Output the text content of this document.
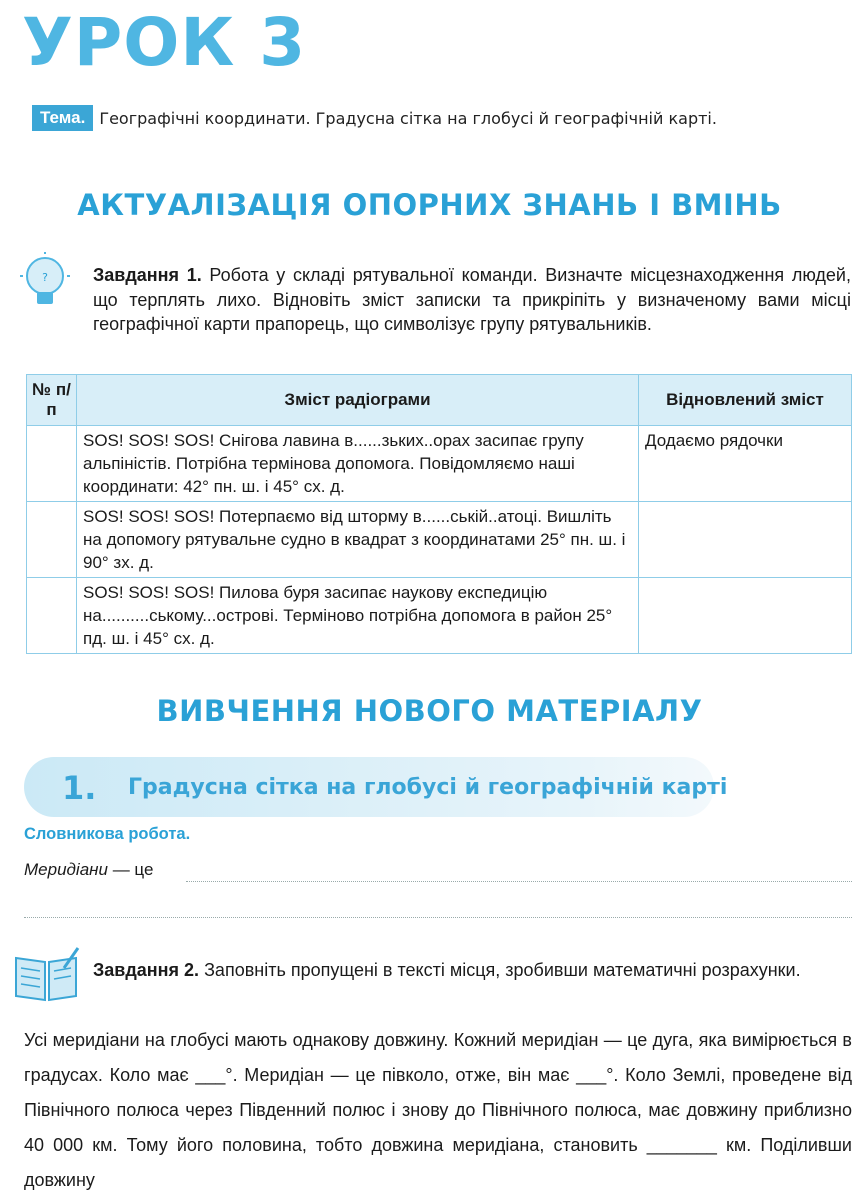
УРОК 3
Тема. Географічні координати. Градусна сітка на глобусі й географічній карті.
АКТУАЛІЗАЦІЯ ОПОРНИХ ЗНАНЬ І ВМІНЬ
?	Завдання 1. Робота у складі рятувальної команди. Визначте місцезнаходження людей, що терплять лихо. Відновіть зміст записки та прикріпіть у визначеному вами місці географічної карти прапорець, що символізує групу рятувальників.
№ п/п	Зміст радіограми	Відновлений зміст
	SOS! SOS! SOS! Снігова лавина в......зьких..орах засипає групу альпіністів. Потрібна термінова допомога. Повідомляємо наші координати: 42° пн. ш. і 45° сх. д.	Додаємо рядочки
	SOS! SOS! SOS! Потерпаємо від шторму в......ській..атоці. Вишліть на допомогу рятувальне судно в квадрат з координатами 25° пн. ш. і 90° зх. д.	
	SOS! SOS! SOS! Пилова буря засипає наукову експедицію на..........ському...острові. Терміново потрібна допомога в район 25° пд. ш. і 45° сх. д.	
ВИВЧЕННЯ НОВОГО МАТЕРІАЛУ
1. Градусна сітка на глобусі й географічній карті
Словникова робота.
Меридіани — це
Завдання 2. Заповніть пропущені в тексті місця, зробивши математичні розрахунки.
Усі меридіани на глобусі мають однакову довжину. Кожний меридіан — це дуга, яка вимірюється в градусах. Коло має ___°. Меридіан — це півколо, отже, він має ___°. Коло Землі, проведене від Північного полюса через Південний полюс і знову до Північного полюса, має довжину приблизно 40 000 км. Тому його половина, тобто довжина меридіана, становить _______ км. Поділивши довжину
